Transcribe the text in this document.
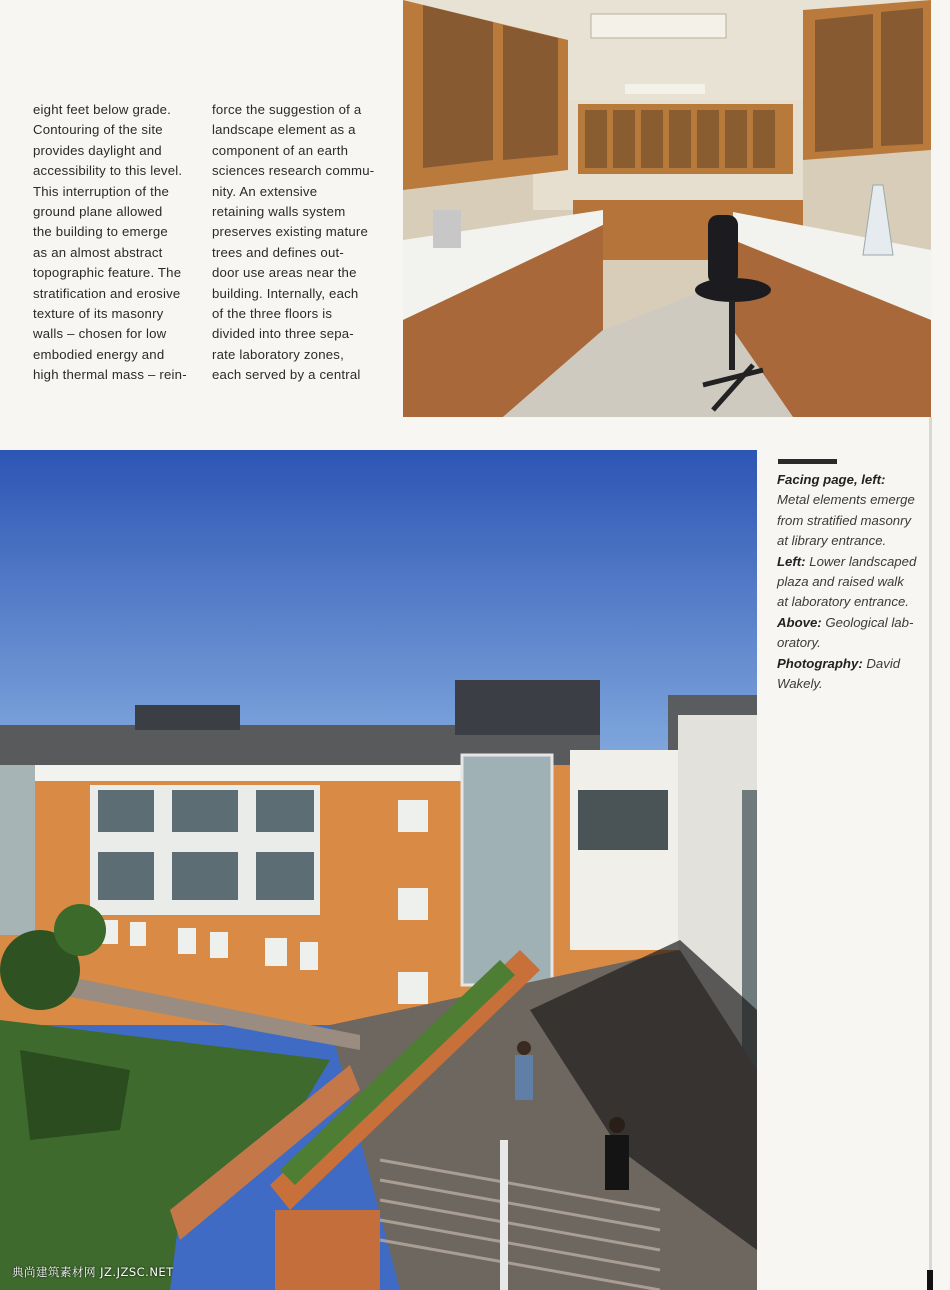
eight feet below grade.
Contouring of the site
provides daylight and
accessibility to this level.
This interruption of the
ground plane allowed
the building to emerge
as an almost abstract
topographic feature. The
stratification and erosive
texture of its masonry
walls – chosen for low
embodied energy and
high thermal mass – rein-
force the suggestion of a
landscape element as a
component of an earth
sciences research commu-
nity. An extensive
retaining walls system
preserves existing mature
trees and defines out-
door use areas near the
building. Internally, each
of the three floors is
divided into three sepa-
rate laboratory zones,
each served by a central
Facing page, left:
Metal elements emerge
from stratified masonry
at library entrance.
Left: Lower landscaped
plaza and raised walk
at laboratory entrance.
Above: Geological lab-
oratory.
Photography: David
Wakely.
典尚建筑素材网 JZ.JZSC.NET
